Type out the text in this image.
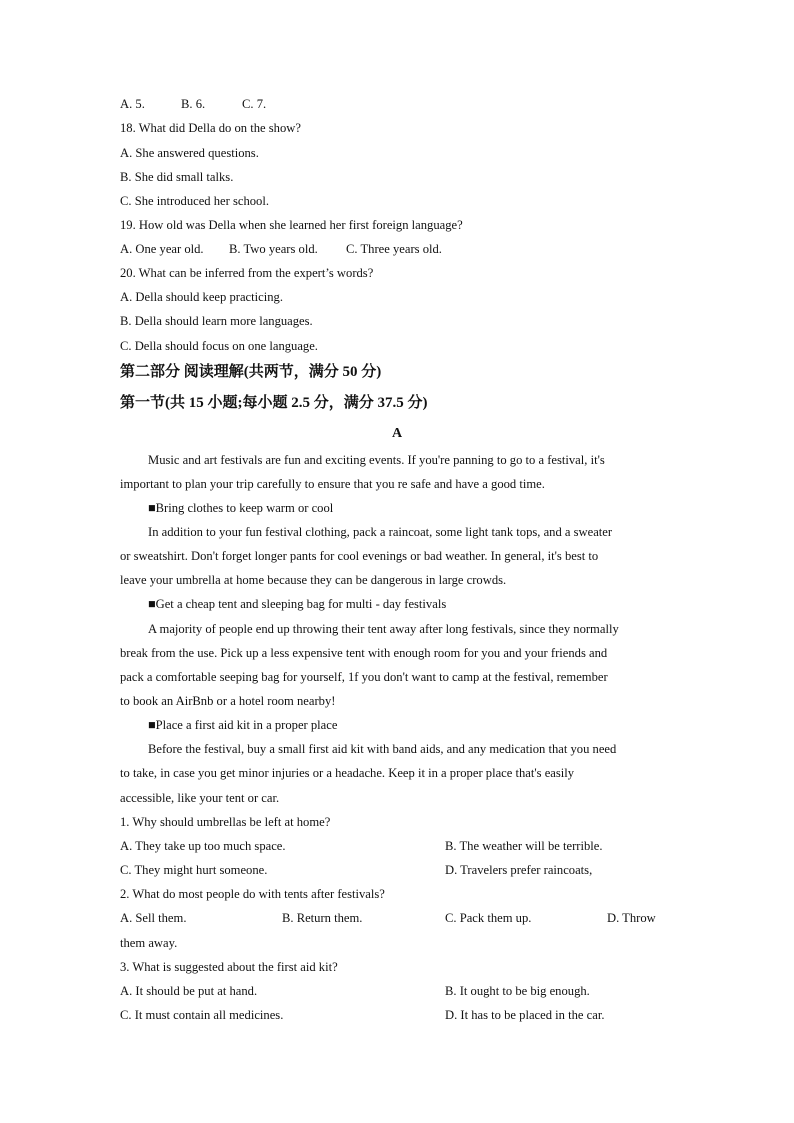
A. 5.	B. 6.	C. 7.
18. What did Della do on the show?
A. She answered questions.
B. She did small talks.
C. She introduced her school.
19. How old was Della when she learned her first foreign language?
A. One year old. B. Two years old. C. Three years old.
20. What can be inferred from the expert’s words?
A. Della should keep practicing.
B. Della should learn more languages.
C. Della should focus on one language.
第二部分 阅读理解(共两节，满分 50 分)
第一节(共 15 小题;每小题 2.5 分，满分 37.5 分)
A
Music and art festivals are fun and exciting events. If you're panning to go to a festival, it's
important to plan your trip carefully to ensure that you re safe and have a good time.
■Bring clothes to keep warm or cool
In addition to your fun festival clothing, pack a raincoat, some light tank tops, and a sweater
or sweatshirt. Don't forget longer pants for cool evenings or bad weather. In general, it's best to
leave your umbrella at home because they can be dangerous in large crowds.
■Get a cheap tent and sleeping bag for multi - day festivals
A majority of people end up throwing their tent away after long festivals, since they normally
break from the use. Pick up a less expensive tent with enough room for you and your friends and
pack a comfortable seeping bag for yourself, 1f you don't want to camp at the festival, remember
to book an AirBnb or a hotel room nearby!
■Place a first aid kit in a proper place
Before the festival, buy a small first aid kit with band aids, and any medication that you need
to take, in case you get minor injuries or a headache. Keep it in a proper place that's easily
accessible, like your tent or car.
1. Why should umbrellas be left at home?
A. They take up too much space.	B. The weather will be terrible.
C. They might hurt someone.	D. Travelers prefer raincoats,
2. What do most people do with tents after festivals?
A. Sell them.	B. Return them.	C. Pack them up.	D. Throw
them away.
3. What is suggested about the first aid kit?
A. It should be put at hand.	B. It ought to be big enough.
C. It must contain all medicines.	D. It has to be placed in the car.
